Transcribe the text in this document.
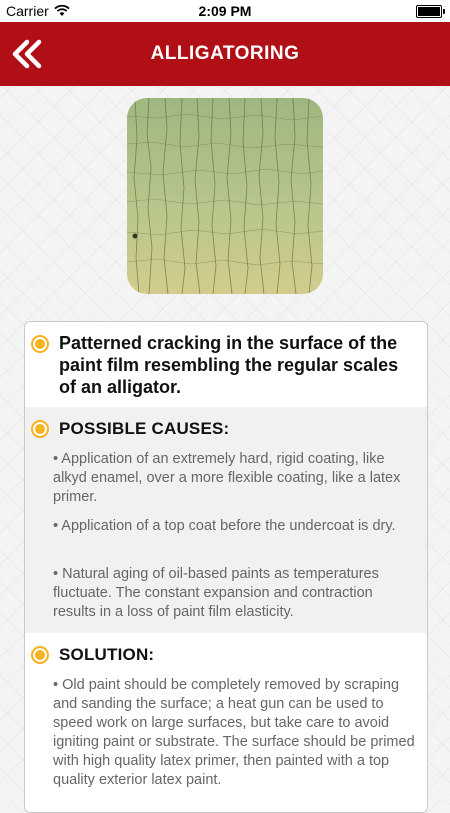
Carrier	2:09 PM
ALLIGATORING
Patterned cracking in the surface of the paint film resembling the regular scales of an alligator.
POSSIBLE CAUSES:
• Application of an extremely hard, rigid coating, like alkyd enamel, over a more flexible coating, like a latex primer.
• Application of a top coat before the undercoat is dry.
• Natural aging of oil-based paints as temperatures fluctuate. The constant expansion and contraction results in a loss of paint film elasticity.
SOLUTION:
• Old paint should be completely removed by scraping and sanding the surface; a heat gun can be used to speed work on large surfaces, but take care to avoid igniting paint or substrate. The surface should be primed with high quality latex primer, then painted with a top quality exterior latex paint.
